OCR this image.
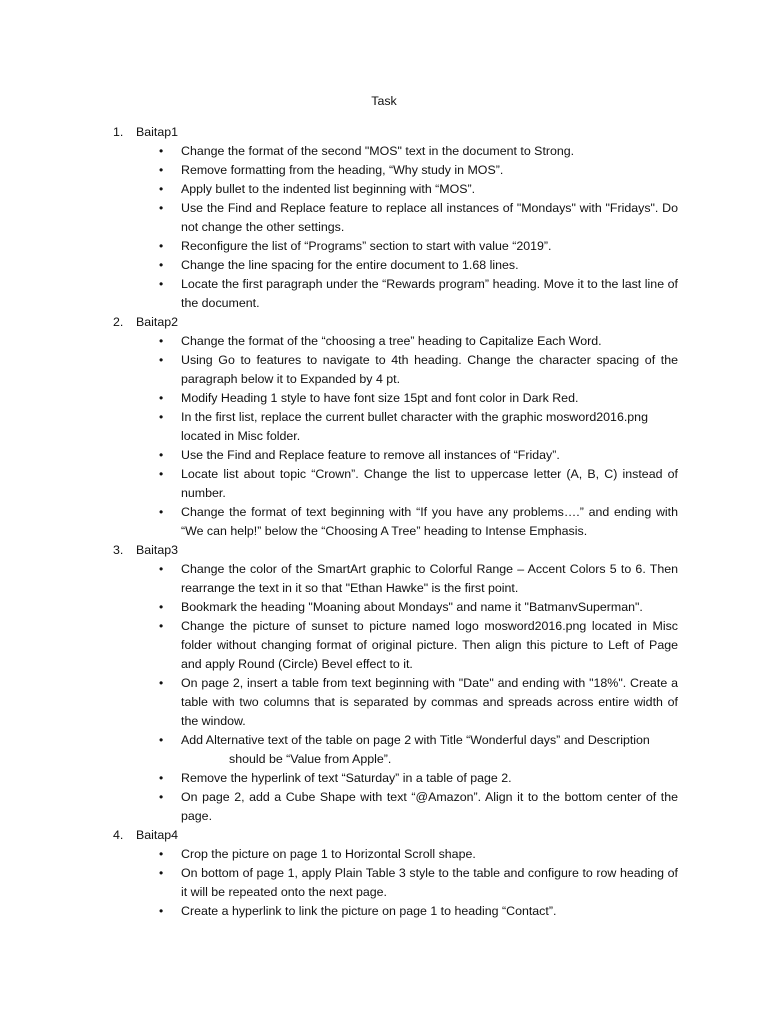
Task
1. Baitap1
• Change the format of the second "MOS" text in the document to Strong.
• Remove formatting from the heading, “Why study in MOS”.
• Apply bullet to the indented list beginning with “MOS”.
• Use the Find and Replace feature to replace all instances of "Mondays" with "Fridays". Do not change the other settings.
• Reconfigure the list of “Programs” section to start with value “2019”.
• Change the line spacing for the entire document to 1.68 lines.
• Locate the first paragraph under the “Rewards program” heading. Move it to the last line of the document.
2. Baitap2
• Change the format of the “choosing a tree” heading to Capitalize Each Word.
• Using Go to features to navigate to 4th heading. Change the character spacing of the paragraph below it to Expanded by 4 pt.
• Modify Heading 1 style to have font size 15pt and font color in Dark Red.
• In the first list, replace the current bullet character with the graphic mosword2016.png
located in Misc folder.
• Use the Find and Replace feature to remove all instances of “Friday”.
• Locate list about topic “Crown”. Change the list to uppercase letter (A, B, C) instead of number.
• Change the format of text beginning with “If you have any problems….” and ending with “We can help!” below the “Choosing A Tree” heading to Intense Emphasis.
3. Baitap3
• Change the color of the SmartArt graphic to Colorful Range – Accent Colors 5 to 6. Then rearrange the text in it so that "Ethan Hawke" is the first point.
• Bookmark the heading "Moaning about Mondays" and name it "BatmanvSuperman".
• Change the picture of sunset to picture named logo mosword2016.png located in Misc folder without changing format of original picture. Then align this picture to Left of Page and apply Round (Circle) Bevel effect to it.
• On page 2, insert a table from text beginning with "Date" and ending with "18%". Create a table with two columns that is separated by commas and spreads across entire width of the window.
• Add Alternative text of the table on page 2 with Title “Wonderful days” and Description
should be “Value from Apple”.
• Remove the hyperlink of text “Saturday” in a table of page 2.
• On page 2, add a Cube Shape with text “@Amazon”. Align it to the bottom center of the page.
4. Baitap4
• Crop the picture on page 1 to Horizontal Scroll shape.
• On bottom of page 1, apply Plain Table 3 style to the table and configure to row heading of it will be repeated onto the next page.
• Create a hyperlink to link the picture on page 1 to heading “Contact”.
